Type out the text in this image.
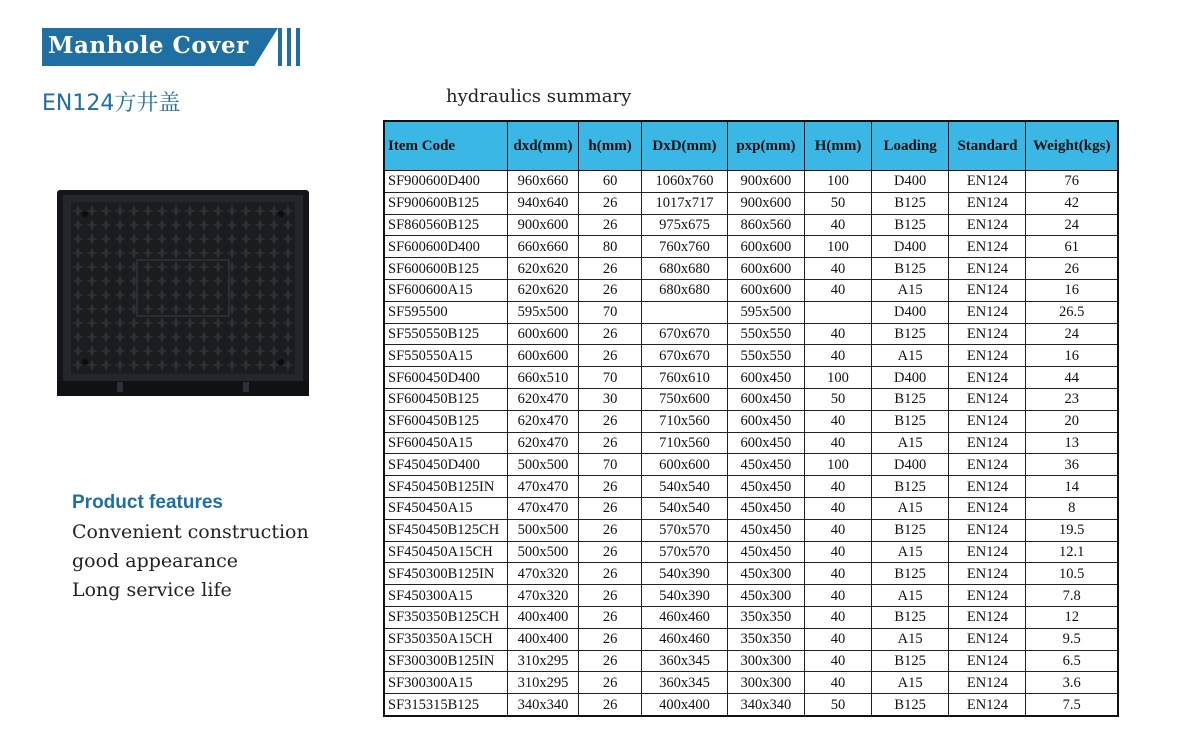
Manhole Cover
EN124方井盖	hydraulics summary
Product features
Convenient construction
good appearance
Long service life
Item Code	dxd(mm)	h(mm)	DxD(mm)	pxp(mm)	H(mm)	Loading	Standard	Weight(kgs)
SF900600D400	960x660	60	1060x760	900x600	100	D400	EN124	76
SF900600B125	940x640	26	1017x717	900x600	50	B125	EN124	42
SF860560B125	900x600	26	975x675	860x560	40	B125	EN124	24
SF600600D400	660x660	80	760x760	600x600	100	D400	EN124	61
SF600600B125	620x620	26	680x680	600x600	40	B125	EN124	26
SF600600A15	620x620	26	680x680	600x600	40	A15	EN124	16
SF595500	595x500	70		595x500		D400	EN124	26.5
SF550550B125	600x600	26	670x670	550x550	40	B125	EN124	24
SF550550A15	600x600	26	670x670	550x550	40	A15	EN124	16
SF600450D400	660x510	70	760x610	600x450	100	D400	EN124	44
SF600450B125	620x470	30	750x600	600x450	50	B125	EN124	23
SF600450B125	620x470	26	710x560	600x450	40	B125	EN124	20
SF600450A15	620x470	26	710x560	600x450	40	A15	EN124	13
SF450450D400	500x500	70	600x600	450x450	100	D400	EN124	36
SF450450B125IN	470x470	26	540x540	450x450	40	B125	EN124	14
SF450450A15	470x470	26	540x540	450x450	40	A15	EN124	8
SF450450B125CH	500x500	26	570x570	450x450	40	B125	EN124	19.5
SF450450A15CH	500x500	26	570x570	450x450	40	A15	EN124	12.1
SF450300B125IN	470x320	26	540x390	450x300	40	B125	EN124	10.5
SF450300A15	470x320	26	540x390	450x300	40	A15	EN124	7.8
SF350350B125CH	400x400	26	460x460	350x350	40	B125	EN124	12
SF350350A15CH	400x400	26	460x460	350x350	40	A15	EN124	9.5
SF300300B125IN	310x295	26	360x345	300x300	40	B125	EN124	6.5
SF300300A15	310x295	26	360x345	300x300	40	A15	EN124	3.6
SF315315B125	340x340	26	400x400	340x340	50	B125	EN124	7.5
